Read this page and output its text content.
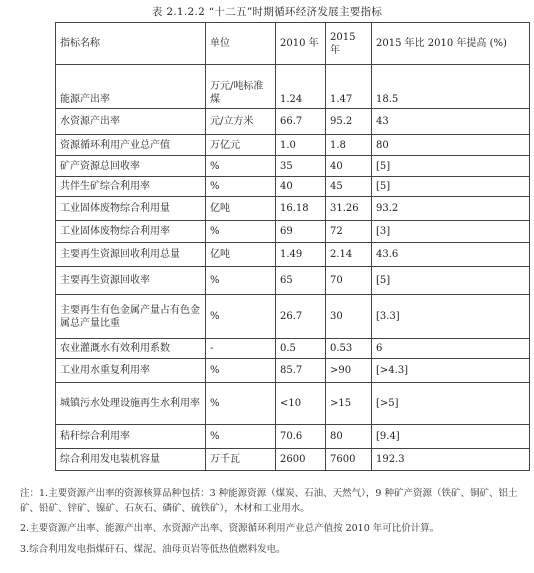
表 2.1.2.2 “十二五”时期循环经济发展主要指标
指标名称	单位	2010 年	2015 年	2015 年比 2010 年提高 (%)
能源产出率	万元/吨标准煤	1.24	1.47	18.5
水资源产出率	元/立方米	66.7	95.2	43
资源循环利用产业总产值	万亿元	1.0	1.8	80
矿产资源总回收率	%	35	40	[5]
共伴生矿综合利用率	%	40	45	[5]
工业固体废物综合利用量	亿吨	16.18	31.26	93.2
工业固体废物综合利用率	%	69	72	[3]
主要再生资源回收利用总量	亿吨	1.49	2.14	43.6
主要再生资源回收率	%	65	70	[5]
主要再生有色金属产量占有色金属总产量比重	%	26.7	30	[3.3]
农业灌溉水有效利用系数	-	0.5	0.53	6
工业用水重复利用率	%	85.7	>90	[>4.3]
城镇污水处理设施再生水利用率	%	<10	>15	[>5]
秸秆综合利用率	%	70.6	80	[9.4]
综合利用发电装机容量	万千瓦	2600	7600	192.3

注：1.主要资源产出率的资源核算品种包括：3 种能源资源（煤炭、石油、天然气），9 种矿产资源（铁矿、铜矿、铝土矿、铅矿、锌矿、镍矿、石灰石、磷矿、硫铁矿），木材和工业用水。

2.主要资源产出率、能源产出率、水资源产出率、资源循环利用产业总产值按 2010 年可比价计算。

3.综合利用发电指煤矸石、煤泥、油母页岩等低热值燃料发电。
